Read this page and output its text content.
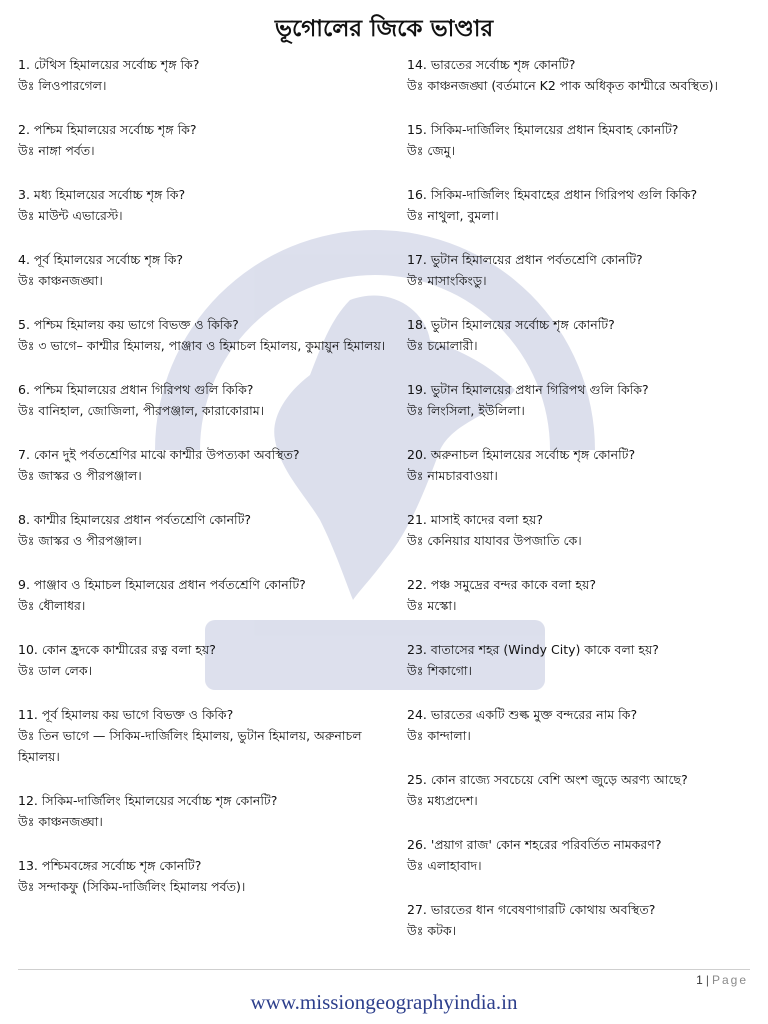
ভূগোলের জিকে ভাণ্ডার
1. টেথিস হিমালয়ের সর্বোচ্চ শৃঙ্গ কি?
উঃ লিওপারগেল।
2. পশ্চিম হিমালয়ের সর্বোচ্চ শৃঙ্গ কি?
উঃ নাঙ্গা পর্বত।
3. মধ্য হিমালয়ের সর্বোচ্চ শৃঙ্গ কি?
উঃ মাউন্ট এভারেস্ট।
4. পূর্ব হিমালয়ের সর্বোচ্চ শৃঙ্গ কি?
উঃ কাঞ্চনজঙ্ঘা।
5. পশ্চিম হিমালয় কয় ভাগে বিভক্ত ও কিকি?
উঃ ৩ ভাগে– কাশ্মীর হিমালয়, পাঞ্জাব ও হিমাচল হিমালয়, কুমায়ুন হিমালয়।
6. পশ্চিম হিমালয়ের প্রধান গিরিপথ গুলি কিকি?
উঃ বানিহাল, জোজিলা, পীরপঞ্জাল, কারাকোরাম।
7. কোন দুই পর্বতশ্রেণির মাঝে কাশ্মীর উপত্যকা অবস্থিত?
উঃ জাস্কর ও পীরপঞ্জাল।
8. কাশ্মীর হিমালয়ের প্রধান পর্বতশ্রেণি কোনটি?
উঃ জাস্কর ও পীরপঞ্জাল।
9. পাঞ্জাব ও হিমাচল হিমালয়ের প্রধান পর্বতশ্রেণি কোনটি?
উঃ ধৌলাধর।
10. কোন হ্রদকে কাশ্মীরের রত্ন বলা হয়?
উঃ ডাল লেক।
11. পূর্ব হিমালয় কয় ভাগে বিভক্ত ও কিকি?
উঃ তিন ভাগে — সিকিম-দার্জিলিং হিমালয়, ভুটান হিমালয়, অরুনাচল হিমালয়।
12. সিকিম-দার্জিলিং হিমালয়ের সর্বোচ্চ শৃঙ্গ কোনটি?
উঃ কাঞ্চনজঙ্ঘা।
13. পশ্চিমবঙ্গের সর্বোচ্চ শৃঙ্গ কোনটি?
উঃ সন্দাকফু (সিকিম-দার্জিলিং হিমালয় পর্বত)।
14. ভারতের সর্বোচ্চ শৃঙ্গ কোনটি?
উঃ কাঞ্চনজঙ্ঘা (বর্তমানে K2 পাক অধিকৃত কাশ্মীরে অবস্থিত)।
15. সিকিম-দার্জিলিং হিমালয়ের প্রধান হিমবাহ কোনটি?
উঃ জেমু।
16. সিকিম-দার্জিলিং হিমবাহের প্রধান গিরিপথ গুলি কিকি?
উঃ নাথুলা, বুমলা।
17. ভুটান হিমালয়ের প্রধান পর্বতশ্রেণি কোনটি?
উঃ মাসাংকিংডু।
18. ভুটান হিমালয়ের সর্বোচ্চ শৃঙ্গ কোনটি?
উঃ চমোলারী।
19. ভুটান হিমালয়ের প্রধান গিরিপথ গুলি কিকি?
উঃ লিংসিলা, ইউলিলা।
20. অরুনাচল হিমালয়ের সর্বোচ্চ শৃঙ্গ কোনটি?
উঃ নামচারবাওয়া।
21. মাসাই কাদের বলা হয়?
উঃ কেনিয়ার যাযাবর উপজাতি কে।
22. পঞ্চ সমুদ্রের বন্দর কাকে বলা হয়?
উঃ মস্কো।
23. বাতাসের শহর (Windy City) কাকে বলা হয়?
উঃ শিকাগো।
24. ভারতের একটি শুল্ক মুক্ত বন্দরের নাম কি?
উঃ কান্দালা।
25. কোন রাজ্যে সবচেয়ে বেশি অংশ জুড়ে অরণ্য আছে?
উঃ মধ্যপ্রদেশ।
26. 'প্রয়াগ রাজ' কোন শহরের পরিবর্তিত নামকরণ?
উঃ এলাহাবাদ।
27. ভারতের ধান গবেষণাগারটি কোথায় অবস্থিত?
উঃ কটক।
1 | Page
www.missiongeographyindia.in
